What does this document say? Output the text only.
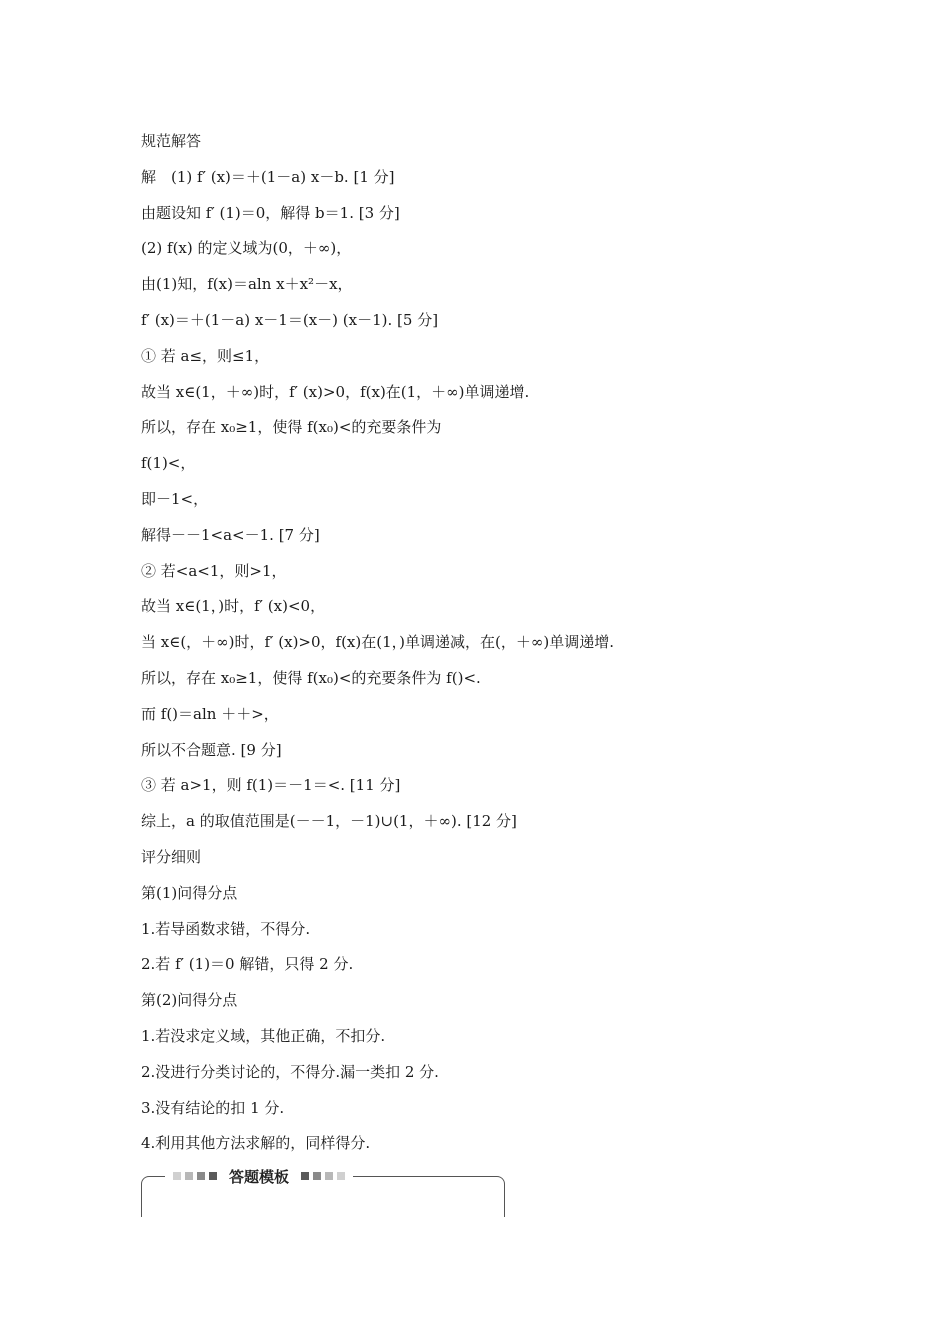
规范解答
解　(1) f′ (x)＝＋(1－a) x－b. [1 分]
由题设知 f′ (1)＝0，解得 b＝1. [3 分]
(2) f(x) 的定义域为(0，＋∞)，
由(1)知，f(x)＝aln x＋x²－x，
f′ (x)＝＋(1－a) x－1＝(x－) (x－1). [5 分]
① 若 a≤，则≤1，
故当 x∈(1，＋∞)时，f′ (x)>0，f(x)在(1，＋∞)单调递增.
所以，存在 x₀≥1，使得 f(x₀)<的充要条件为
f(1)<，
即－1<，
解得－－1<a<－1. [7 分]
② 若<a<1，则>1，
故当 x∈(1，)时，f′ (x)<0，
当 x∈(，＋∞)时，f′ (x)>0，f(x)在(1，)单调递减，在(，＋∞)单调递增.
所以，存在 x₀≥1，使得 f(x₀)<的充要条件为 f()<.
而 f()＝aln ＋＋>，
所以不合题意. [9 分]
③ 若 a>1，则 f(1)＝－1＝<. [11 分]
综上，a 的取值范围是(－－1，－1)∪(1，＋∞). [12 分]
评分细则
第(1)问得分点
1.若导函数求错，不得分.
2.若 f′ (1)＝0 解错，只得 2 分.
第(2)问得分点
1.若没求定义域，其他正确，不扣分.
2.没进行分类讨论的，不得分.漏一类扣 2 分.
3.没有结论的扣 1 分.
4.利用其他方法求解的，同样得分.
答题模板
